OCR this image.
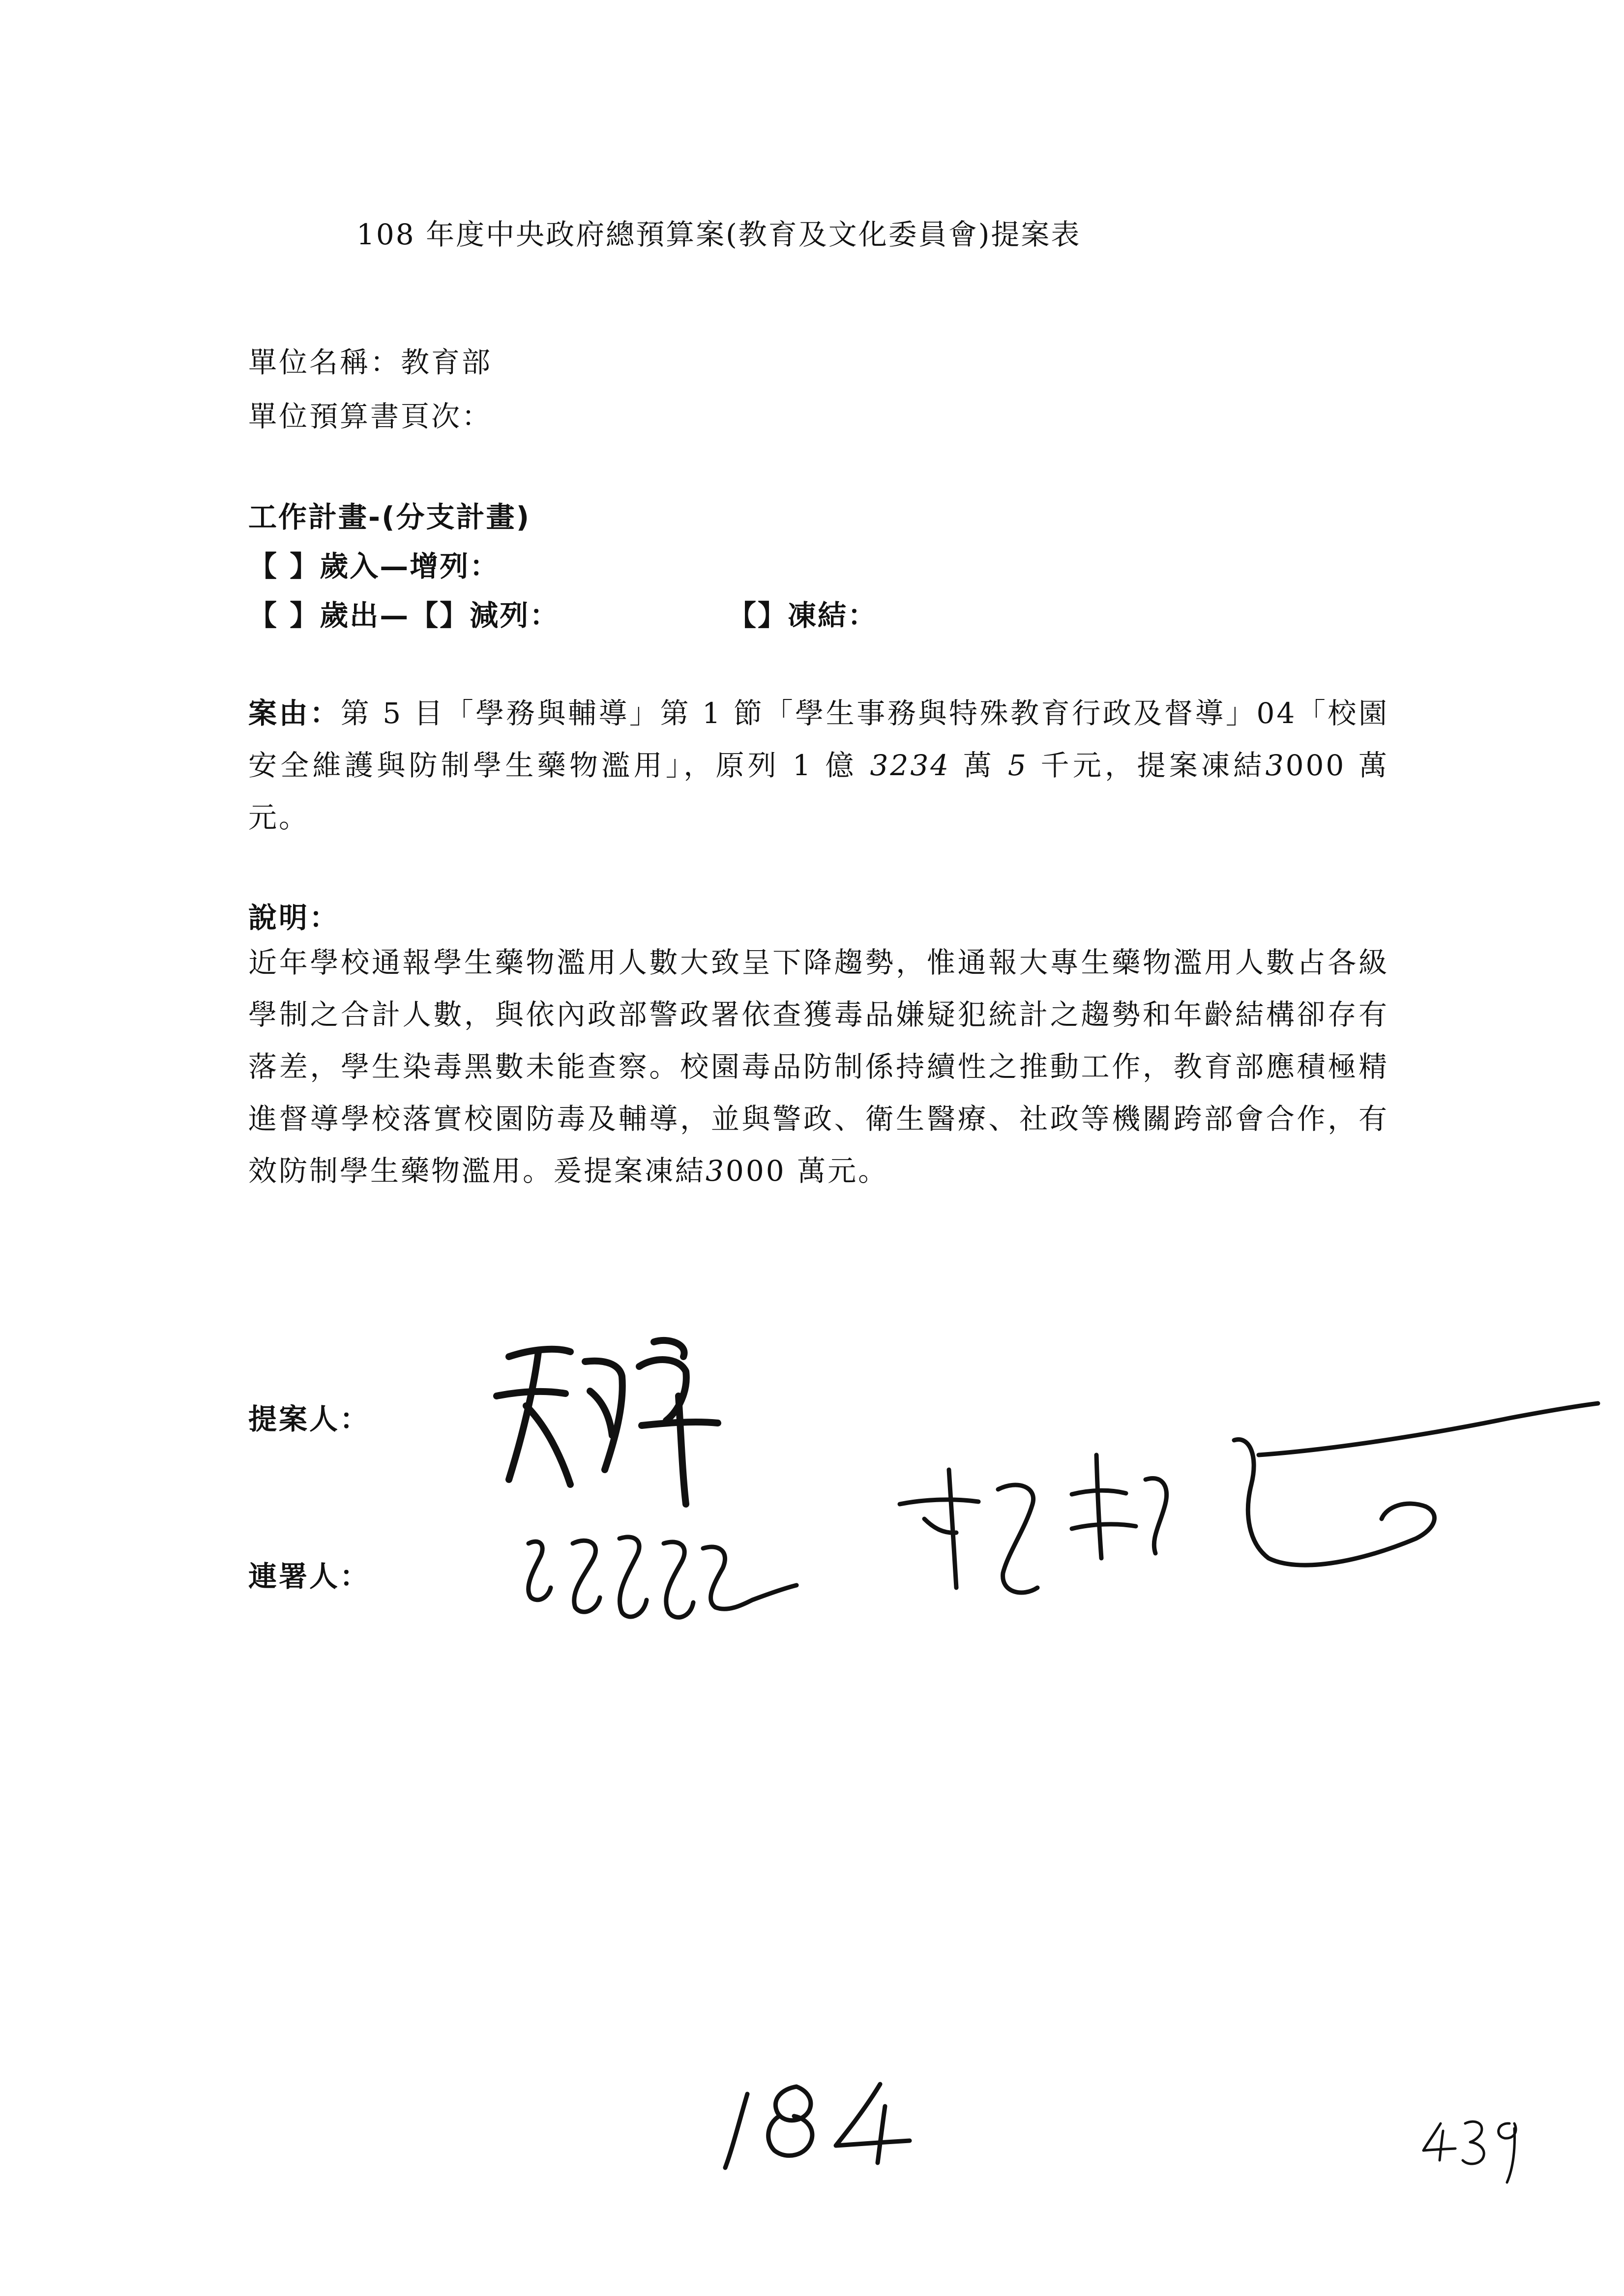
108 年度中央政府總預算案(教育及文化委員會)提案表
單位名稱：教育部
單位預算書頁次：
工作計畫-(分支計畫)
【 】歲入—增列：
【 】歲出—【】減列：	【】凍結：
案由：第 5 目「學務與輔導」第 1 節「學生事務與特殊教育行政及督導」04「校園安全維護與防制學生藥物濫用」，原列 1 億 3234 萬 5 千元，提案凍結3000 萬元。
說明：
近年學校通報學生藥物濫用人數大致呈下降趨勢，惟通報大專生藥物濫用人數占各級學制之合計人數，與依內政部警政署依查獲毒品嫌疑犯統計之趨勢和年齡結構卻存有落差，學生染毒黑數未能查察。校園毒品防制係持續性之推動工作，教育部應積極精進督導學校落實校園防毒及輔導，並與警政、衛生醫療、社政等機關跨部會合作，有效防制學生藥物濫用。爰提案凍結3000 萬元。
提案人：
連署人：
